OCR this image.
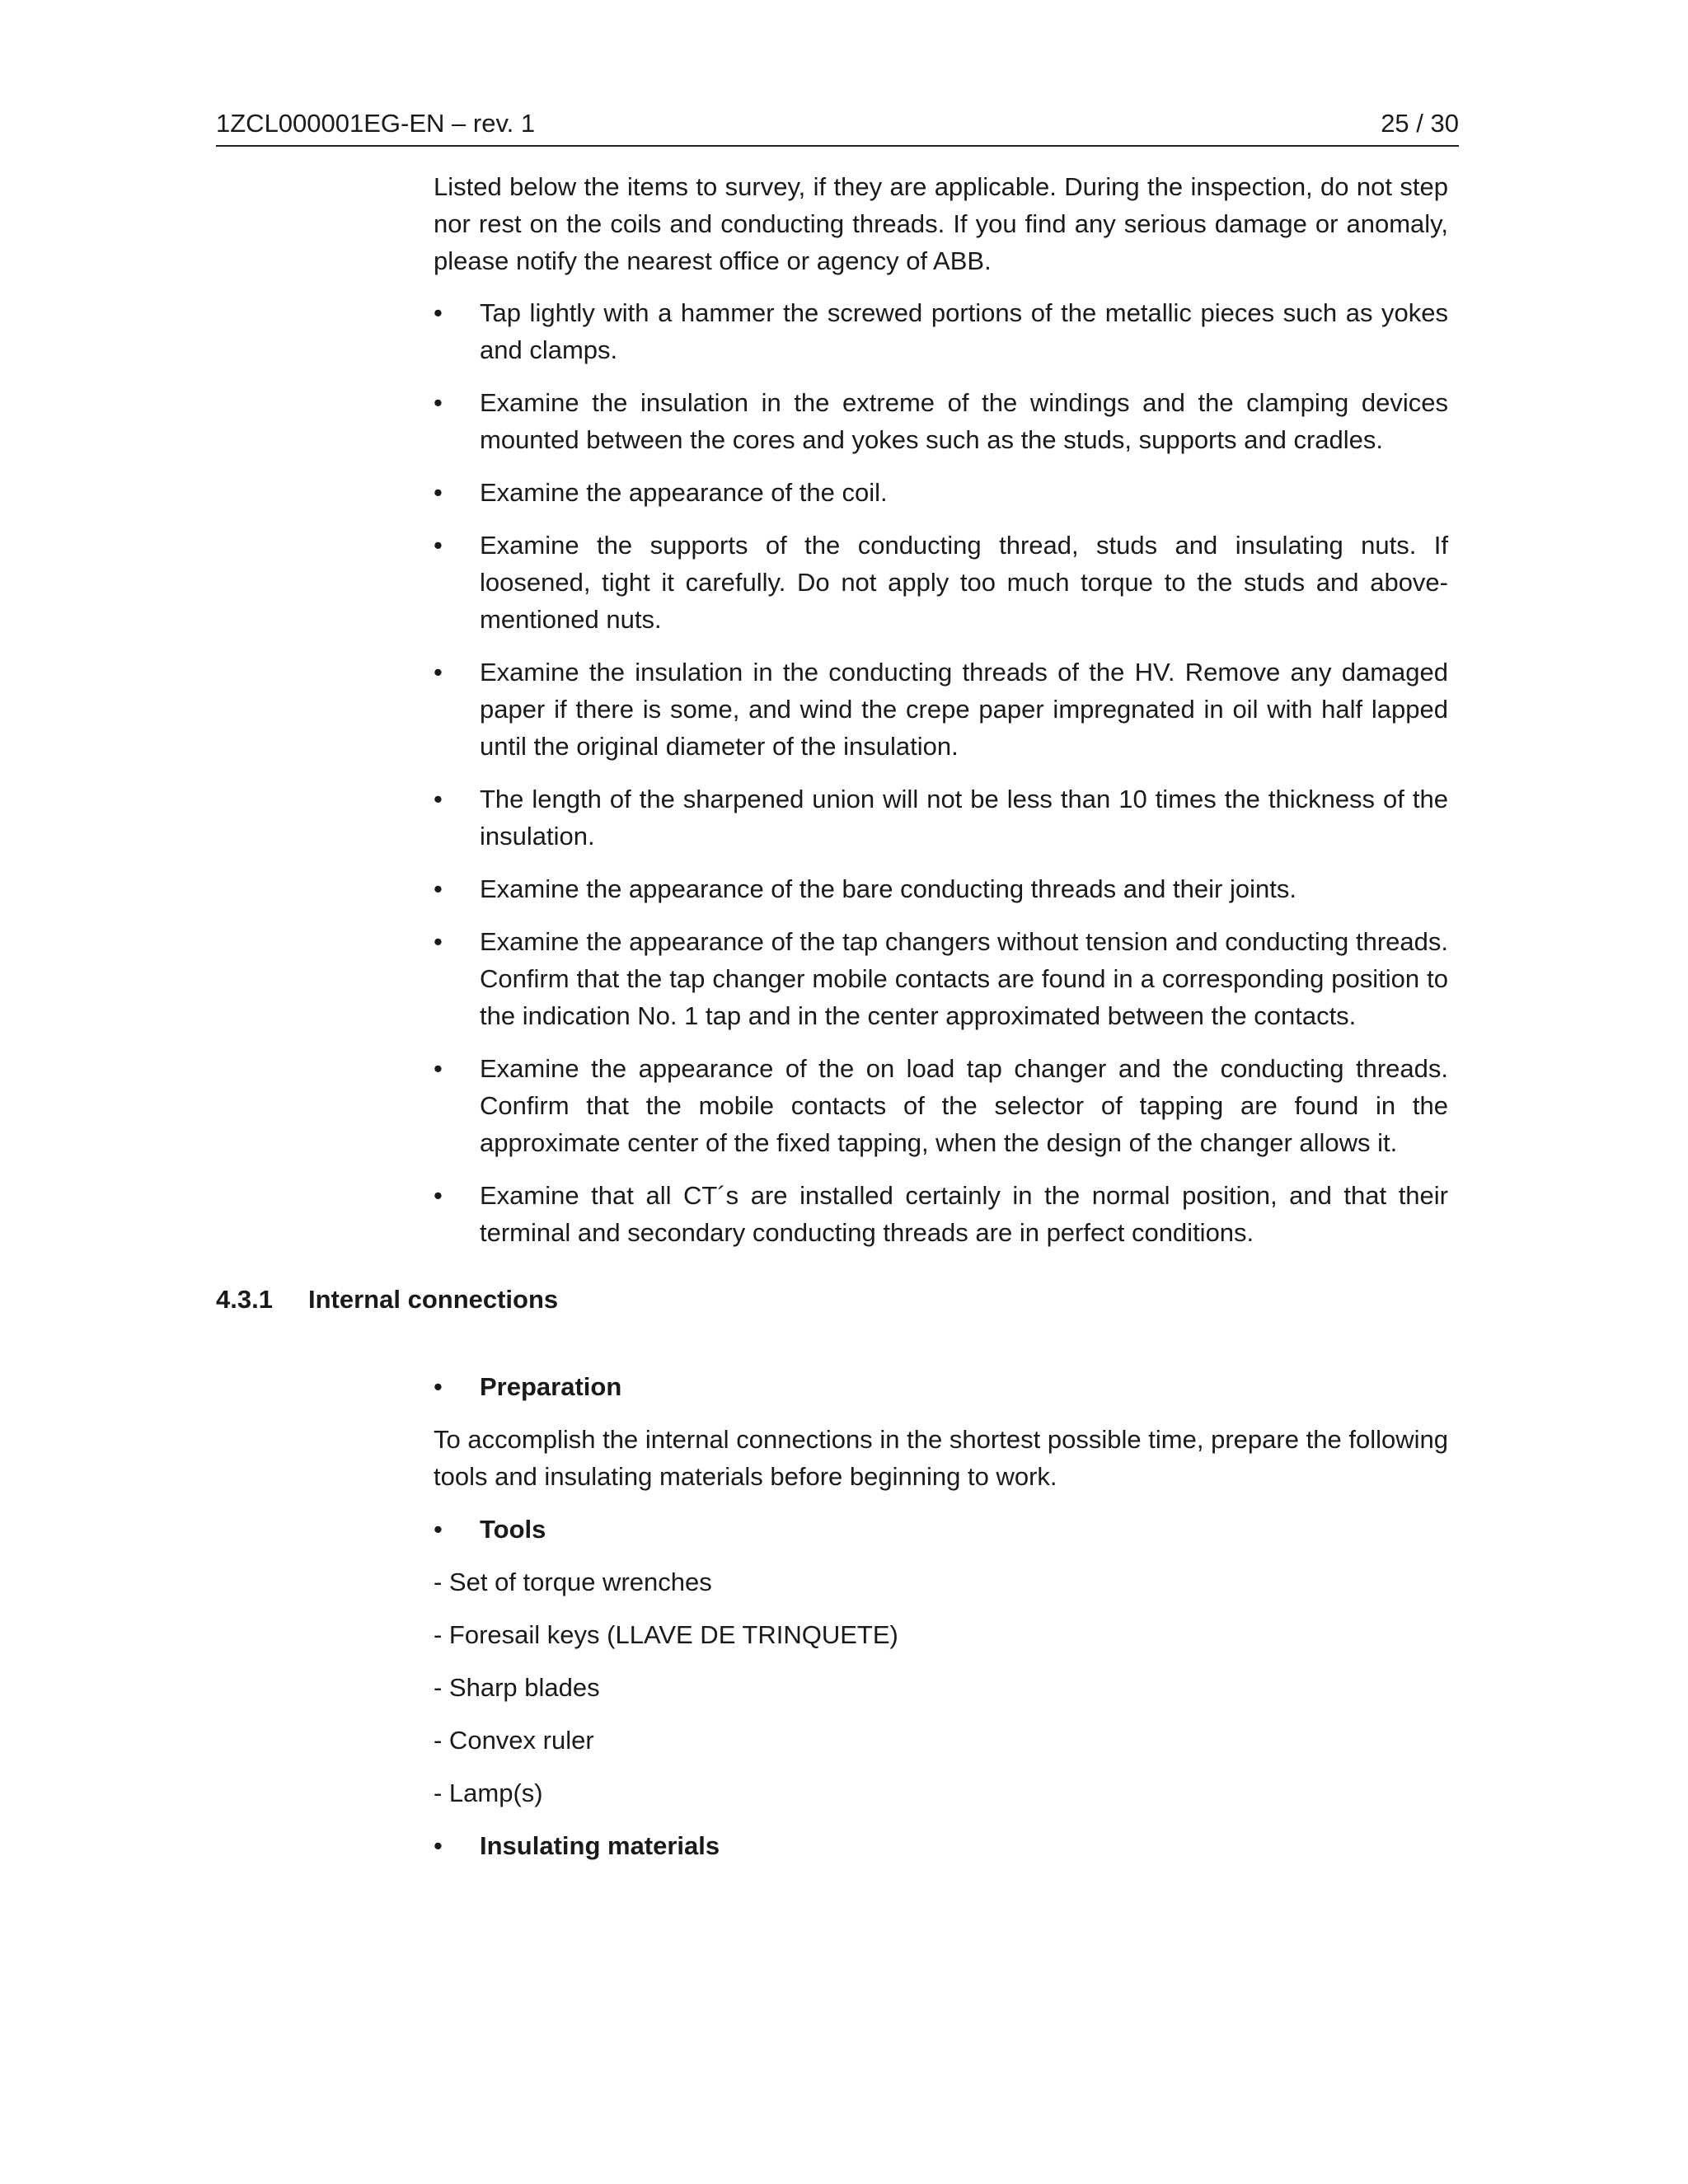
1ZCL000001EG-EN – rev. 1	25 / 30

Listed below the items to survey, if they are applicable. During the inspection, do not step nor rest on the coils and conducting threads. If you find any serious damage or anomaly, please notify the nearest office or agency of ABB.

• Tap lightly with a hammer the screwed portions of the metallic pieces such as yokes and clamps.
• Examine the insulation in the extreme of the windings and the clamping devices mounted between the cores and yokes such as the studs, supports and cradles.
• Examine the appearance of the coil.
• Examine the supports of the conducting thread, studs and insulating nuts. If loosened, tight it carefully. Do not apply too much torque to the studs and above-mentioned nuts.
• Examine the insulation in the conducting threads of the HV. Remove any damaged paper if there is some, and wind the crepe paper impregnated in oil with half lapped until the original diameter of the insulation.
• The length of the sharpened union will not be less than 10 times the thickness of the insulation.
• Examine the appearance of the bare conducting threads and their joints.
• Examine the appearance of the tap changers without tension and conducting threads. Confirm that the tap changer mobile contacts are found in a corresponding position to the indication No. 1 tap and in the center approximated between the contacts.
• Examine the appearance of the on load tap changer and the conducting threads. Confirm that the mobile contacts of the selector of tapping are found in the approximate center of the fixed tapping, when the design of the changer allows it.
• Examine that all CT´s are installed certainly in the normal position, and that their terminal and secondary conducting threads are in perfect conditions.
4.3.1 Internal connections
• Preparation

To accomplish the internal connections in the shortest possible time, prepare the following tools and insulating materials before beginning to work.

• Tools

- Set of torque wrenches

- Foresail keys (LLAVE DE TRINQUETE)

- Sharp blades

- Convex ruler

- Lamp(s)

• Insulating materials
